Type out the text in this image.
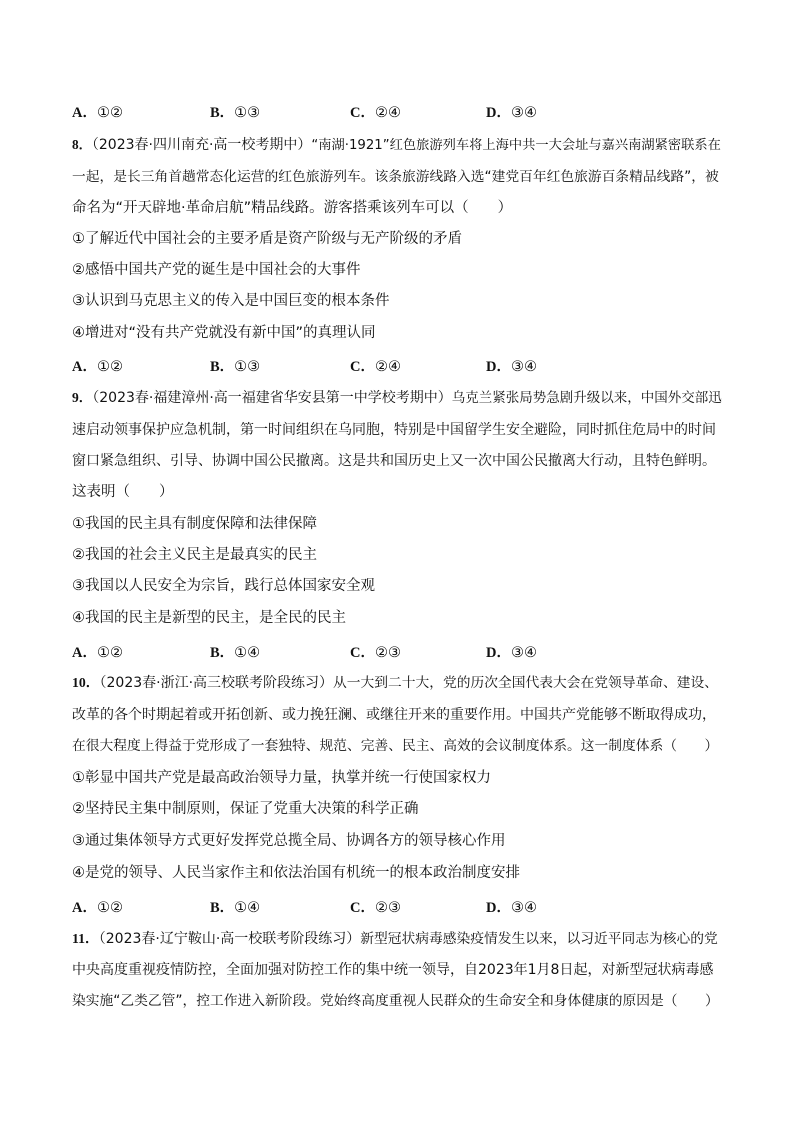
A．①②	B．①③	C．②④	D．③④
8．（2023春·四川南充·高一校考期中）“南湖·1921”红色旅游列车将上海中共一大会址与嘉兴南湖紧密联系在
一起，是长三角首趟常态化运营的红色旅游列车。该条旅游线路入选“建党百年红色旅游百条精品线路”，被
命名为“开天辟地·革命启航”精品线路。游客搭乘该列车可以（　　）
①了解近代中国社会的主要矛盾是资产阶级与无产阶级的矛盾
②感悟中国共产党的诞生是中国社会的大事件
③认识到马克思主义的传入是中国巨变的根本条件
④增进对“没有共产党就没有新中国”的真理认同
A．①②	B．①③	C．②④	D．③④
9．（2023春·福建漳州·高一福建省华安县第一中学校考期中）乌克兰紧张局势急剧升级以来，中国外交部迅
速启动领事保护应急机制，第一时间组织在乌同胞，特别是中国留学生安全避险，同时抓住危局中的时间
窗口紧急组织、引导、协调中国公民撤离。这是共和国历史上又一次中国公民撤离大行动，且特色鲜明。
这表明（　　）
①我国的民主具有制度保障和法律保障
②我国的社会主义民主是最真实的民主
③我国以人民安全为宗旨，践行总体国家安全观
④我国的民主是新型的民主，是全民的民主
A．①②	B．①④	C．②③	D．③④
10．（2023春·浙江·高三校联考阶段练习）从一大到二十大，党的历次全国代表大会在党领导革命、建设、
改革的各个时期起着或开拓创新、或力挽狂澜、或继往开来的重要作用。中国共产党能够不断取得成功，
在很大程度上得益于党形成了一套独特、规范、完善、民主、高效的会议制度体系。这一制度体系（　　）
①彰显中国共产党是最高政治领导力量，执掌并统一行使国家权力
②坚持民主集中制原则，保证了党重大决策的科学正确
③通过集体领导方式更好发挥党总揽全局、协调各方的领导核心作用
④是党的领导、人民当家作主和依法治国有机统一的根本政治制度安排
A．①②	B．①④	C．②③	D．③④
11．（2023春·辽宁鞍山·高一校联考阶段练习）新型冠状病毒感染疫情发生以来，以习近平同志为核心的党
中央高度重视疫情防控，全面加强对防控工作的集中统一领导，自2023年1月8日起，对新型冠状病毒感
染实施“乙类乙管”，控工作进入新阶段。党始终高度重视人民群众的生命安全和身体健康的原因是（　　）
